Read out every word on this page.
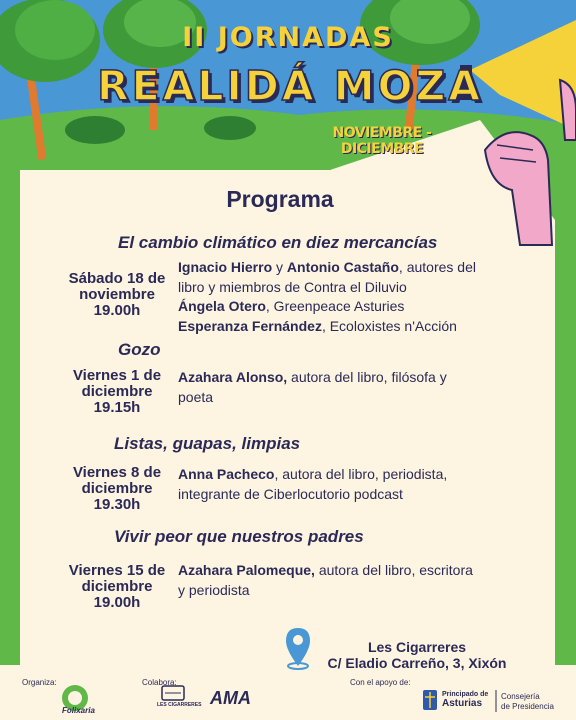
II JORNADAS
REALIDÁ MOZA
NOVIEMBRE - DICIEMBRE
Programa
El cambio climático en diez mercancías
Sábado 18 de
noviembre
19.00h
Ignacio Hierro y Antonio Castaño, autores del libro y miembros de Contra el Diluvio
Ángela Otero, Greenpeace Asturies
Esperanza Fernández, Ecoloxistes n'Acción
Gozo
Viernes 1 de
diciembre
19.15h
Azahara Alonso, autora del libro, filósofa y poeta
Listas, guapas, limpias
Viernes 8 de
diciembre
19.30h
Anna Pacheco, autora del libro, periodista, integrante de Ciberlocutorio podcast
Vivir peor que nuestros padres
Viernes 15 de
diciembre
19.00h
Azahara Palomeque, autora del libro, escritora y periodista
Les Cigarreres
C/ Eladio Carreño, 3, Xixón
Organiza:	Colabora:	Con el apoyo de:
Folixaria
LES CIGARRERES AMA	Principado de
Asturias
Consejería
de Presidencia
